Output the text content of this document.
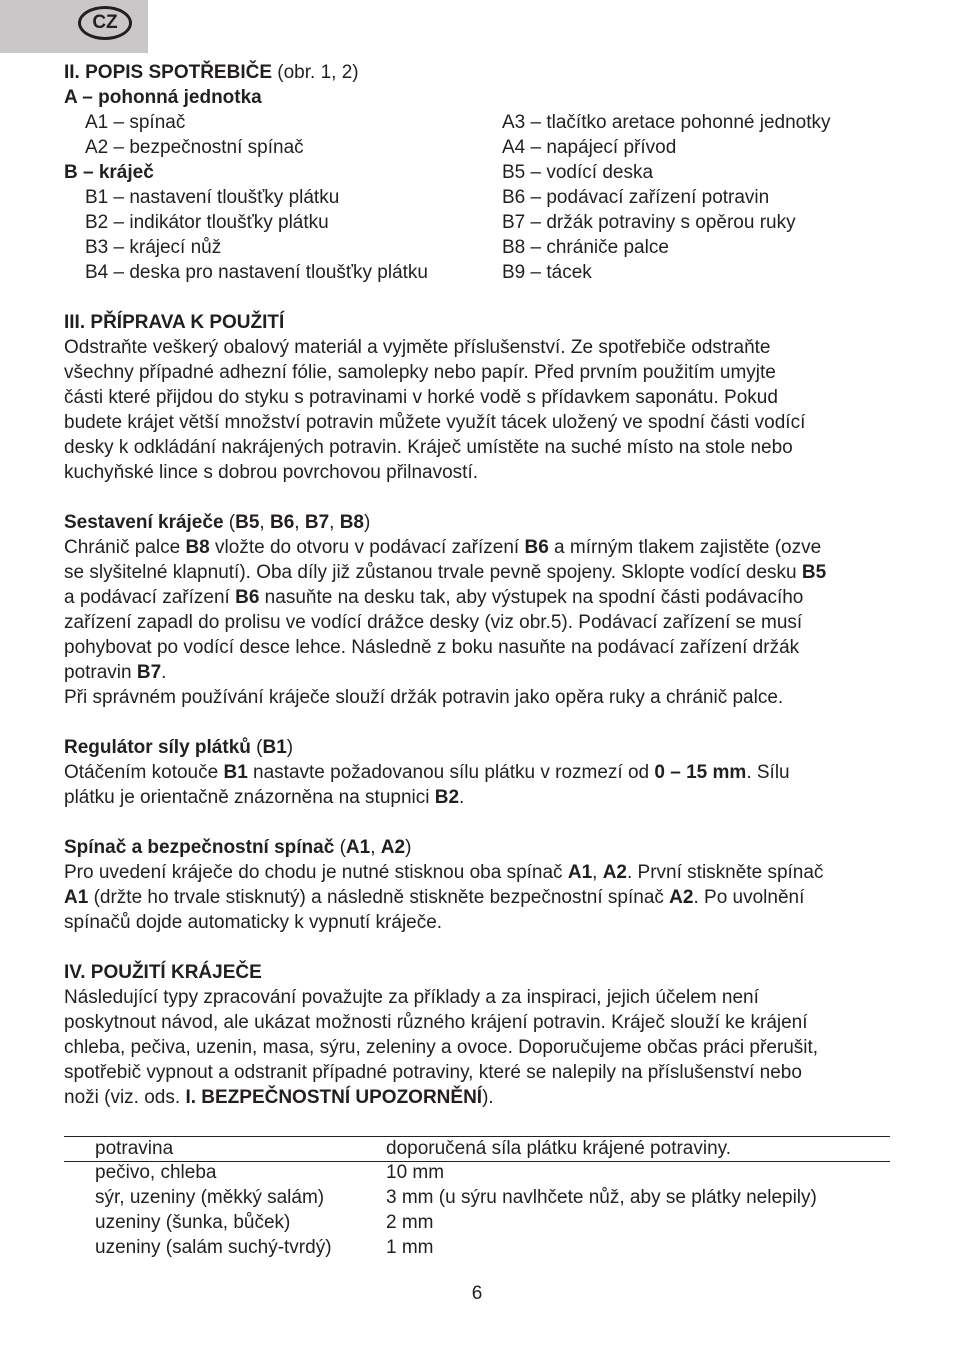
CZ
II. POPIS SPOTŘEBIČE (obr. 1, 2)
A – pohonná jednotka
A1 – spínač
A2 – bezpečnostní spínač
A3 – tlačítko aretace pohonné jednotky
A4 – napájecí přívod
B – kráječ
B1 – nastavení tloušťky plátku
B2 – indikátor tloušťky plátku
B3 – krájecí nůž
B4 – deska pro nastavení tloušťky plátku
B5 – vodící deska
B6 – podávací zařízení potravin
B7 – držák potraviny s opěrou ruky
B8 – chrániče palce
B9 – tácek
III. PŘÍPRAVA K POUŽITÍ
Odstraňte veškerý obalový materiál a vyjměte příslušenství. Ze spotřebiče odstraňte
všechny případné adhezní fólie, samolepky nebo papír. Před prvním použitím umyjte
části které přijdou do styku s potravinami v horké vodě s přídavkem saponátu. Pokud
budete krájet větší množství potravin můžete využít tácek uložený ve spodní části vodící
desky k odkládání nakrájených potravin. Kráječ umístěte na suché místo na stole nebo
kuchyňské lince s dobrou povrchovou přilnavostí.
Sestavení kráječe (B5, B6, B7, B8)
Chránič palce B8 vložte do otvoru v podávací zařízení B6 a mírným tlakem zajistěte (ozve
se slyšitelné klapnutí). Oba díly již zůstanou trvale pevně spojeny. Sklopte vodící desku B5
a podávací zařízení B6 nasuňte na desku tak, aby výstupek na spodní části podávacího
zařízení zapadl do prolisu ve vodící drážce desky (viz obr.5). Podávací zařízení se musí
pohybovat po vodící desce lehce. Následně z boku nasuňte na podávací zařízení držák
potravin B7.
Při správném používání kráječe slouží držák potravin jako opěra ruky a chránič palce.
Regulátor síly plátků (B1)
Otáčením kotouče B1 nastavte požadovanou sílu plátku v rozmezí od 0 – 15 mm. Sílu
plátku je orientačně znázorněna na stupnici B2.
Spínač a bezpečnostní spínač (A1, A2)
Pro uvedení kráječe do chodu je nutné stisknou oba spínač A1, A2. První stiskněte spínač
A1 (držte ho trvale stisknutý) a následně stiskněte bezpečnostní spínač A2. Po uvolnění
spínačů dojde automaticky k vypnutí kráječe.
IV. POUŽITÍ KRÁJEČE
Následující typy zpracování považujte za příklady a za inspiraci, jejich účelem není
poskytnout návod, ale ukázat možnosti různého krájení potravin. Kráječ slouží ke krájení
chleba, pečiva, uzenin, masa, sýru, zeleniny a ovoce. Doporučujeme občas práci přerušit,
spotřebič vypnout a odstranit případné potraviny, které se nalepily na příslušenství nebo
noži (viz. ods. I. BEZPEČNOSTNÍ UPOZORNĚNÍ).
potravina	doporučená síla plátku krájené potraviny.
pečivo, chleba	10 mm
sýr, uzeniny (měkký salám)	3 mm (u sýru navlhčete nůž, aby se plátky nelepily)
uzeniny (šunka, bůček)	2 mm
uzeniny (salám suchý-tvrdý)	1 mm
6
